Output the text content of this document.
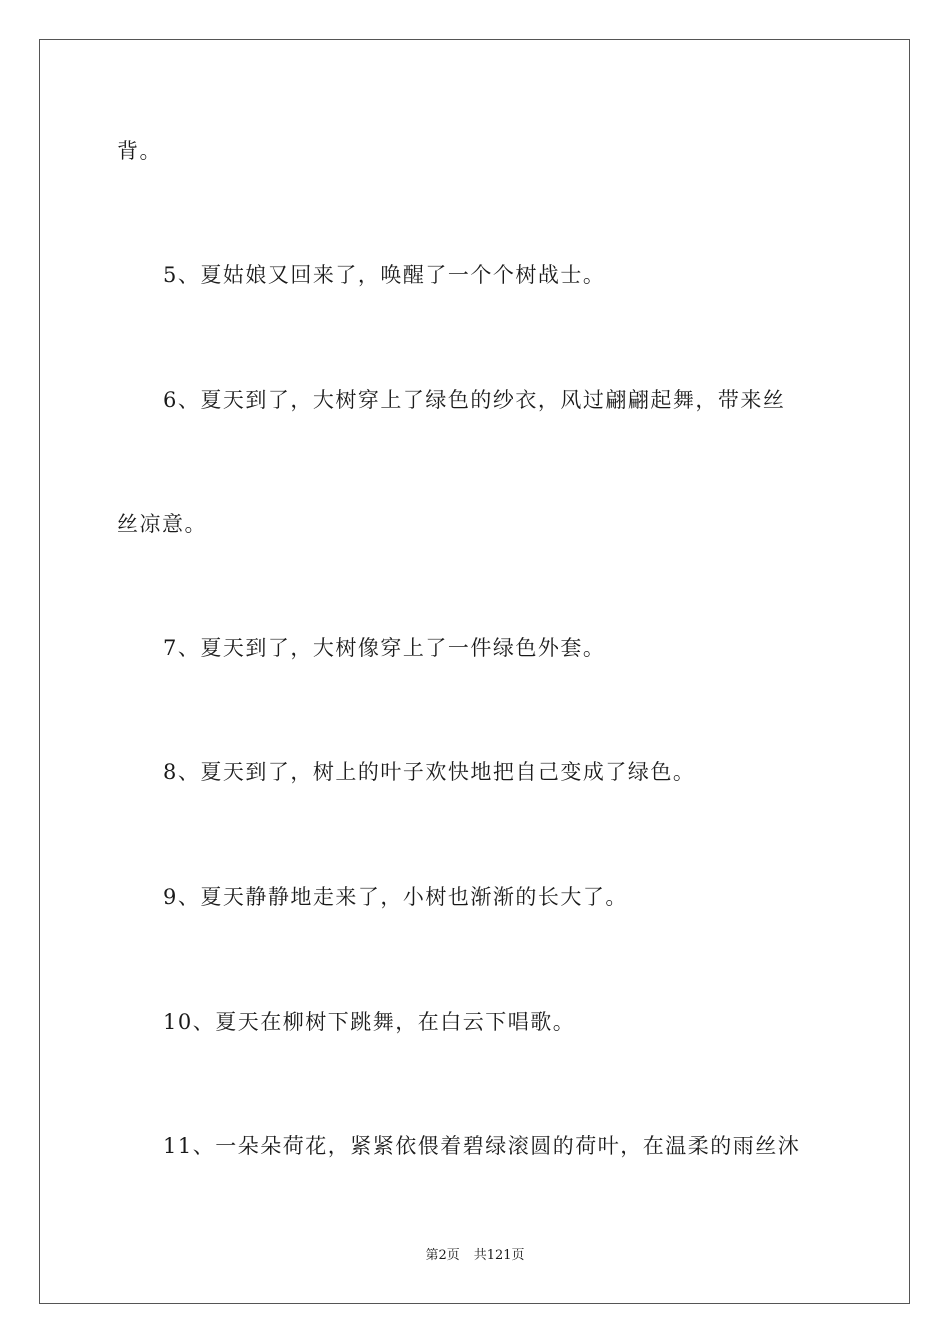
背。
5、夏姑娘又回来了，唤醒了一个个树战士。
6、夏天到了，大树穿上了绿色的纱衣，风过翩翩起舞，带来丝
丝凉意。
7、夏天到了，大树像穿上了一件绿色外套。
8、夏天到了，树上的叶子欢快地把自己变成了绿色。
9、夏天静静地走来了，小树也渐渐的长大了。
10、夏天在柳树下跳舞，在白云下唱歌。
11、一朵朵荷花，紧紧依偎着碧绿滚圆的荷叶，在温柔的雨丝沐
第2页 共121页
